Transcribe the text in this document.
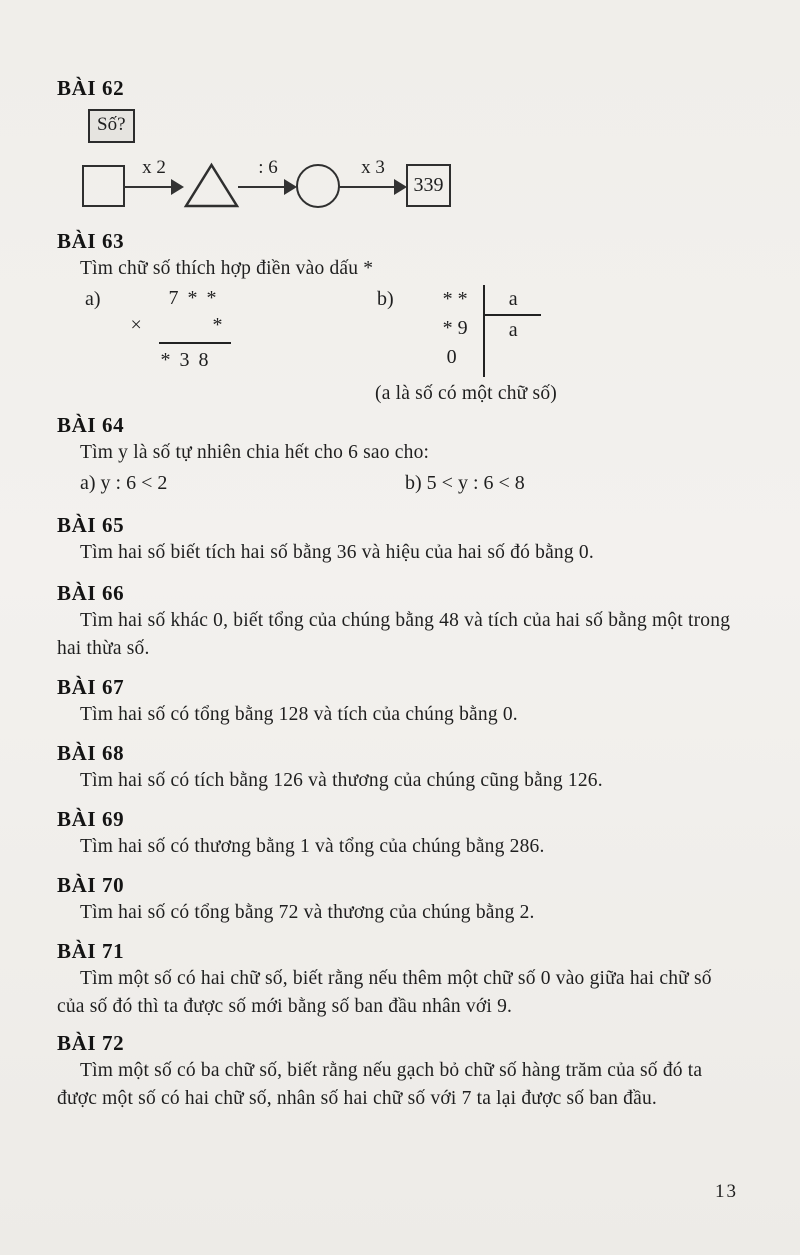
BÀI 62
Số?
x 2	: 6	x 3
339
BÀI 63

Tìm chữ số thích hợp điền vào dấu *

a)	7 * *
×	*
* 3 8
b)	* *
* 9
0
a
a
(a là số có một chữ số)
BÀI 64

Tìm y là số tự nhiên chia hết cho 6 sao cho:

a) y : 6 < 2	b) 5 < y : 6 < 8
BÀI 65

Tìm hai số biết tích hai số bằng 36 và hiệu của hai số đó bằng 0.

BÀI 66

Tìm hai số khác 0, biết tổng của chúng bằng 48 và tích của hai số bằng một trong hai thừa số.

BÀI 67

Tìm hai số có tổng bằng 128 và tích của chúng bằng 0.

BÀI 68

Tìm hai số có tích bằng 126 và thương của chúng cũng bằng 126.

BÀI 69

Tìm hai số có thương bằng 1 và tổng của chúng bằng 286.

BÀI 70

Tìm hai số có tổng bằng 72 và thương của chúng bằng 2.

BÀI 71

Tìm một số có hai chữ số, biết rằng nếu thêm một chữ số 0 vào giữa hai chữ số của số đó thì ta được số mới bằng số ban đầu nhân với 9.

BÀI 72

Tìm một số có ba chữ số, biết rằng nếu gạch bỏ chữ số hàng trăm của số đó ta được một số có hai chữ số, nhân số hai chữ số với 7 ta lại được số ban đầu.

13
